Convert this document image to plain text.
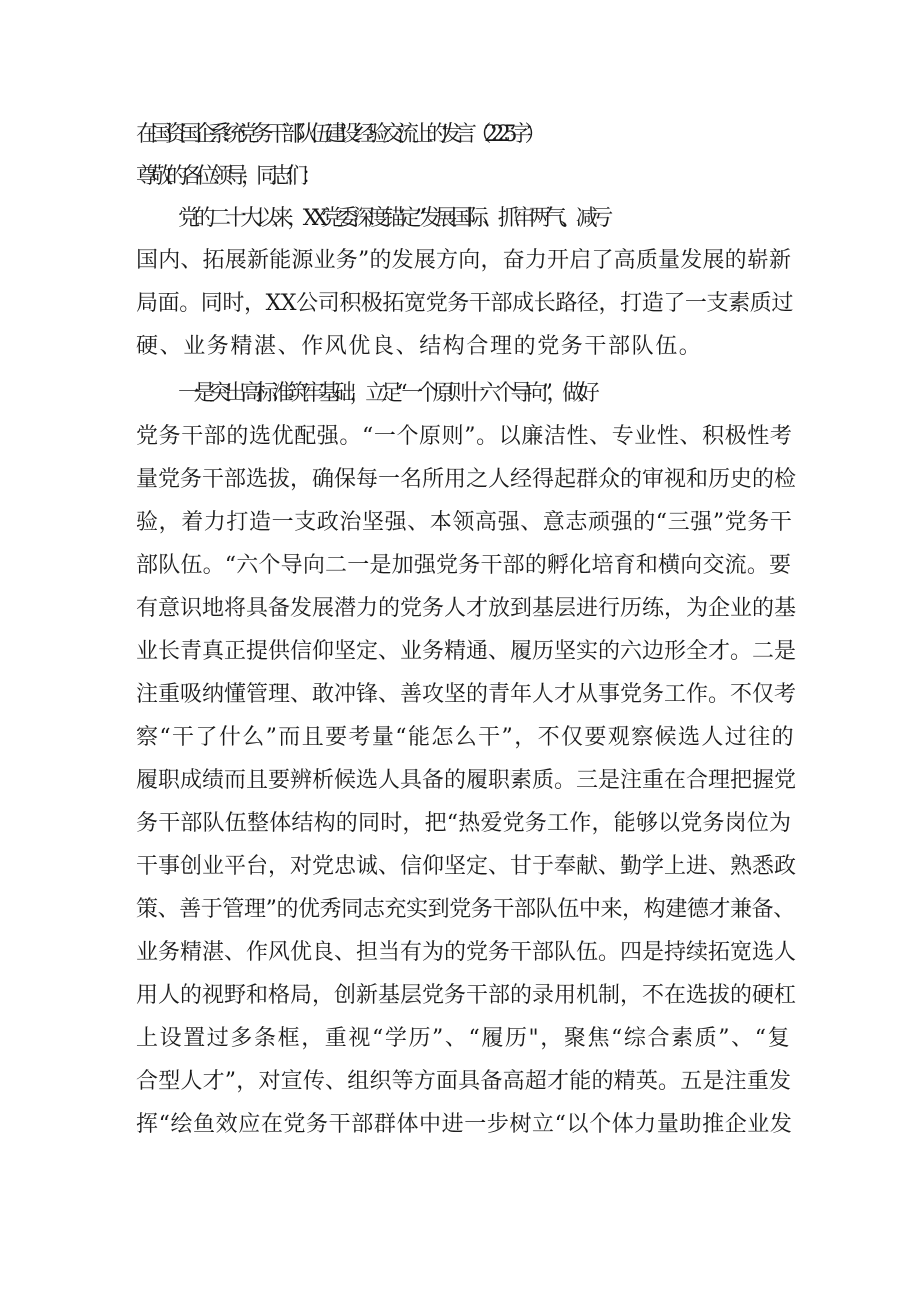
在国资国企系统党务干部队伍建设经验交流上的发言（2225字）
尊敬的各位领导，同志们：
党的二十大以来，XX党委深度锚定”发展国际、抓牢两气、减亏
国内、拓展新能源业务”的发展方向，奋力开启了高质量发展的崭新
局面。同时，XX公司积极拓宽党务干部成长路径，打造了一支素质过
硬、业务精湛、作风优良、结构合理的党务干部队伍。
一是突出高标准筑牢基础，立足“一个原则十六个导向”，做好
党务干部的选优配强。“一个原则”。以廉洁性、专业性、积极性考
量党务干部选拔，确保每一名所用之人经得起群众的审视和历史的检
验，着力打造一支政治坚强、本领高强、意志顽强的“三强”党务干
部队伍。“六个导向二一是加强党务干部的孵化培育和横向交流。要
有意识地将具备发展潜力的党务人才放到基层进行历练，为企业的基
业长青真正提供信仰坚定、业务精通、履历坚实的六边形全才。二是
注重吸纳懂管理、敢冲锋、善攻坚的青年人才从事党务工作。不仅考
察“干了什么”而且要考量“能怎么干”，不仅要观察候选人过往的
履职成绩而且要辨析候选人具备的履职素质。三是注重在合理把握党
务干部队伍整体结构的同时，把“热爱党务工作，能够以党务岗位为
干事创业平台，对党忠诚、信仰坚定、甘于奉献、勤学上进、熟悉政
策、善于管理”的优秀同志充实到党务干部队伍中来，构建德才兼备、
业务精湛、作风优良、担当有为的党务干部队伍。四是持续拓宽选人
用人的视野和格局，创新基层党务干部的录用机制，不在选拔的硬杠
上设置过多条框，重视“学历”、“履历"，聚焦“综合素质”、“复
合型人才”，对宣传、组织等方面具备高超才能的精英。五是注重发
挥“绘鱼效应在党务干部群体中进一步树立“以个体力量助推企业发
